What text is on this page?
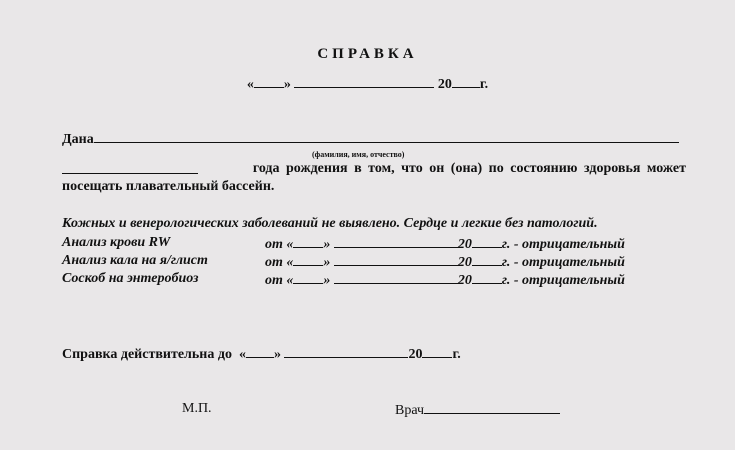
СПРАВКА
« »	20 г.
Дана
(фамилия, имя, отчество)
года рождения в том, что он (она) по состоянию здоровья может
посещать плавательный бассейн.
Кожных и венерологических заболеваний не выявлено. Сердце и легкие без патологий.
Анализ крови RW	от « »	20 г. - отрицательный
Анализ кала на я/глист	от « »	20 г. - отрицательный
Соскоб на энтеробиоз	от « »	20 г. - отрицательный
Справка действительна до « »	20 г.
М.П.	Врач
